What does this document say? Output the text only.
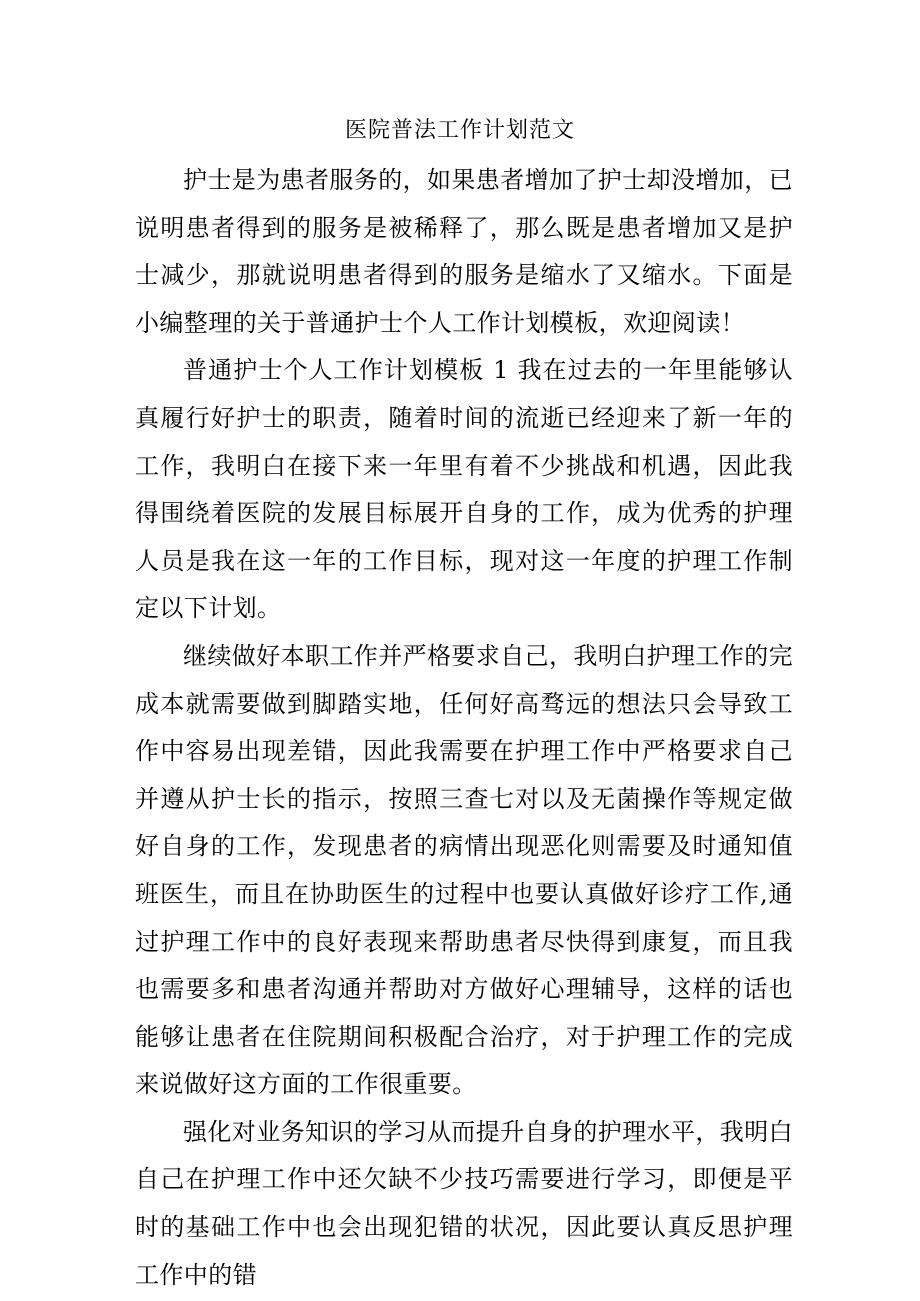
医院普法工作计划范文

护士是为患者服务的，如果患者增加了护士却没增加，已说明患者得到的服务是被稀释了，那么既是患者增加又是护士减少，那就说明患者得到的服务是缩水了又缩水。下面是小编整理的关于普通护士个人工作计划模板，欢迎阅读！

普通护士个人工作计划模板 1 我在过去的一年里能够认真履行好护士的职责，随着时间的流逝已经迎来了新一年的工作，我明白在接下来一年里有着不少挑战和机遇，因此我得围绕着医院的发展目标展开自身的工作，成为优秀的护理人员是我在这一年的工作目标，现对这一年度的护理工作制定以下计划。

继续做好本职工作并严格要求自己，我明白护理工作的完成本就需要做到脚踏实地，任何好高骛远的想法只会导致工作中容易出现差错，因此我需要在护理工作中严格要求自己并遵从护士长的指示，按照三查七对以及无菌操作等规定做好自身的工作，发现患者的病情出现恶化则需要及时通知值班医生，而且在协助医生的过程中也要认真做好诊疗工作,通过护理工作中的良好表现来帮助患者尽快得到康复，而且我也需要多和患者沟通并帮助对方做好心理辅导，这样的话也能够让患者在住院期间积极配合治疗，对于护理工作的完成来说做好这方面的工作很重要。

强化对业务知识的学习从而提升自身的护理水平，我明白自己在护理工作中还欠缺不少技巧需要进行学习，即便是平时的基础工作中也会出现犯错的状况，因此要认真反思护理工作中的错
